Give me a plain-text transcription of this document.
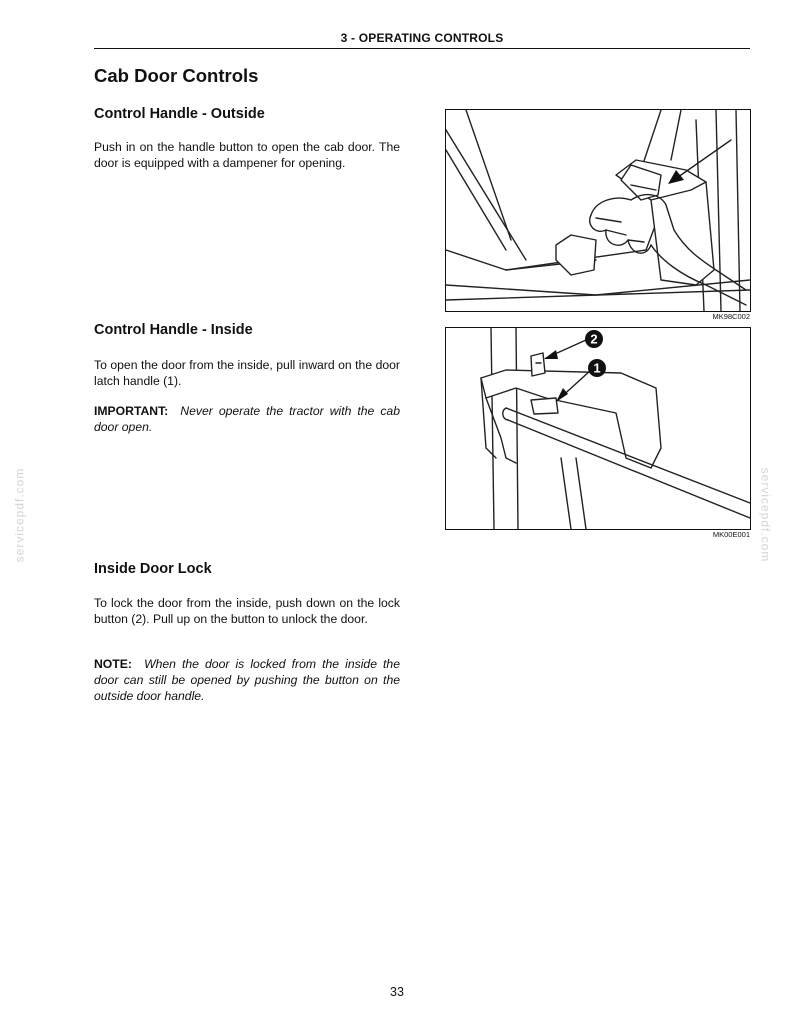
3 - OPERATING CONTROLS
Cab Door Controls
Control Handle - Outside
Push in on the handle button to open the cab door. The door is equipped with a dampener for opening.
Control Handle - Inside
To open the door from the inside, pull inward on the door latch handle (1).
IMPORTANT: Never operate the tractor with the cab door open.
Inside Door Lock
To lock the door from the inside, push down on the lock button (2). Pull up on the button to unlock the door.
NOTE: When the door is locked from the inside the door can still be opened by pushing the button on the outside door handle.
MK98C002
2
1
MK00E001
servicepdf.com	servicepdf.com
33
